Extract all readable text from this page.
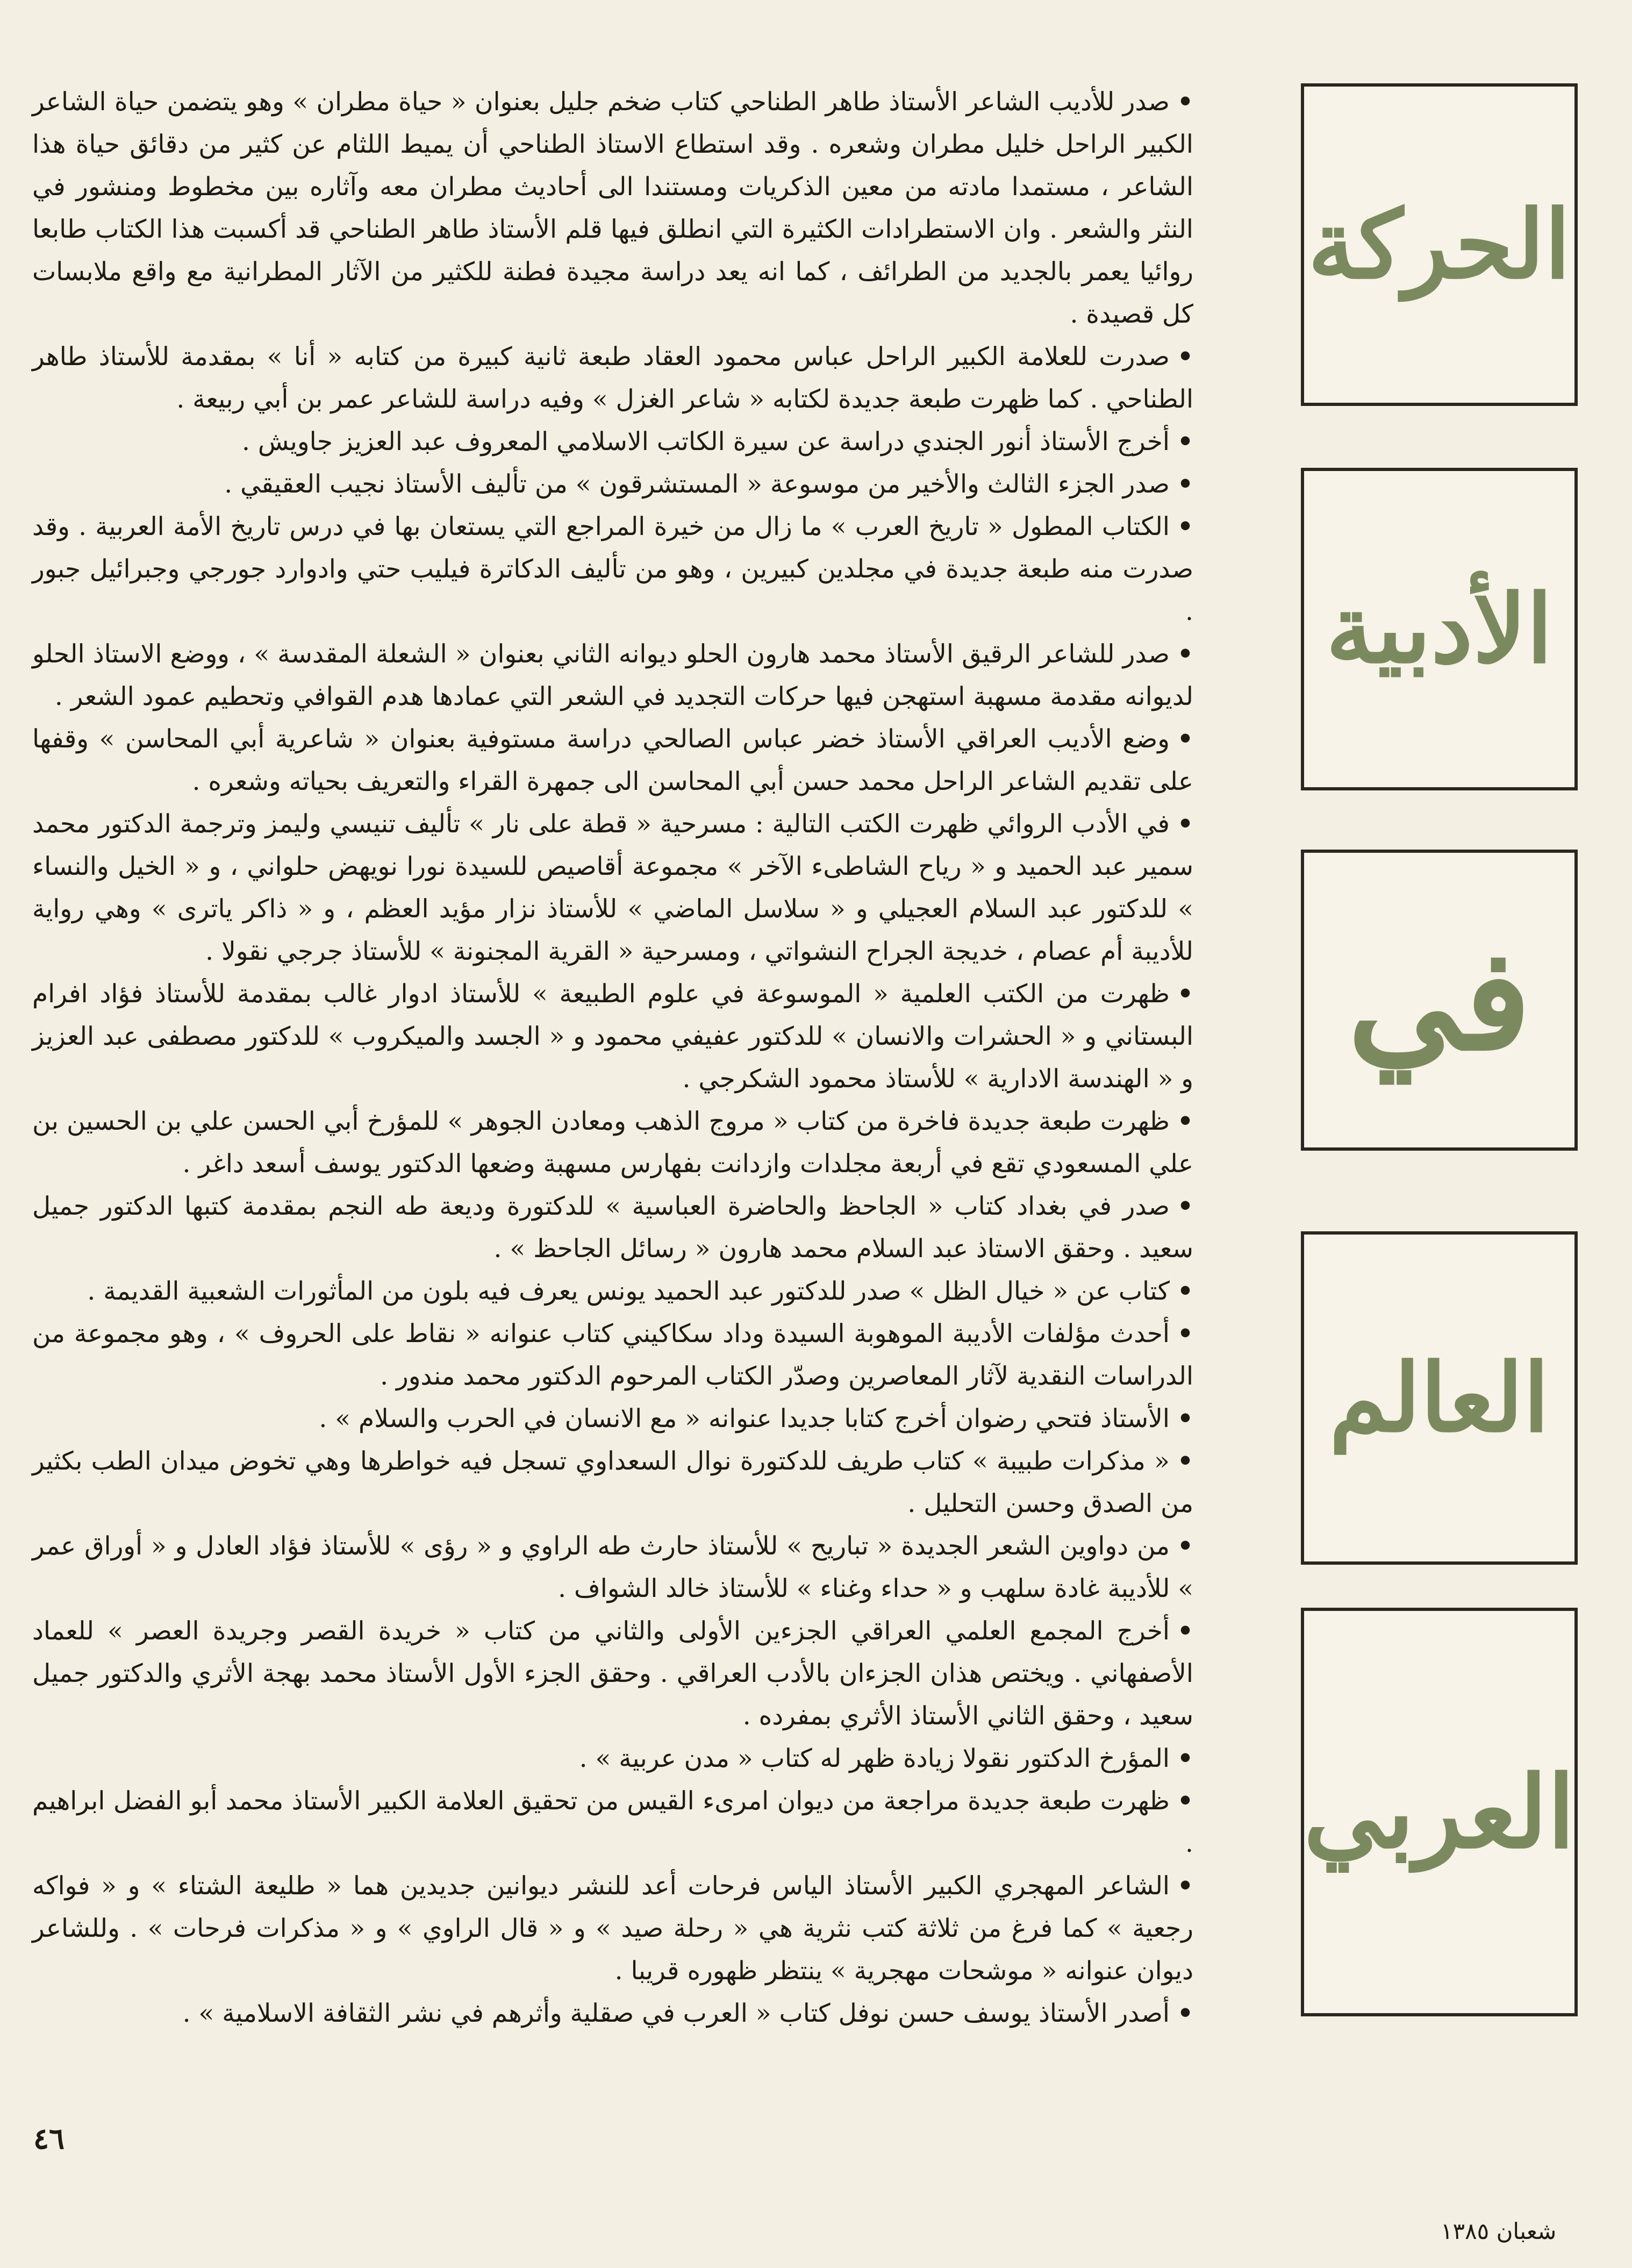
الحركة
الأدبية
في
العالم
العربي

•صدر للأديب الشاعر الأستاذ طاهر الطناحي كتاب ضخم جليل بعنوان « حياة مطران » وهو يتضمن حياة الشاعر الكبير الراحل خليل مطران وشعره . وقد استطاع الاستاذ الطناحي أن يميط اللثام عن كثير من دقائق حياة هذا الشاعر ، مستمدا مادته من معين الذكريات ومستندا الى أحاديث مطران معه وآثاره بين مخطوط ومنشور في النثر والشعر . وان الاستطرادات الكثيرة التي انطلق فيها قلم الأستاذ طاهر الطناحي قد أكسبت هذا الكتاب طابعا روائيا يعمر بالجديد من الطرائف ، كما انه يعد دراسة مجيدة فطنة للكثير من الآثار المطرانية مع واقع ملابسات كل قصيدة .

•صدرت للعلامة الكبير الراحل عباس محمود العقاد طبعة ثانية كبيرة من كتابه « أنا » بمقدمة للأستاذ طاهر الطناحي . كما ظهرت طبعة جديدة لكتابه « شاعر الغزل » وفيه دراسة للشاعر عمر بن أبي ربيعة .

•أخرج الأستاذ أنور الجندي دراسة عن سيرة الكاتب الاسلامي المعروف عبد العزيز جاويش .

•صدر الجزء الثالث والأخير من موسوعة « المستشرقون » من تأليف الأستاذ نجيب العقيقي .

•الكتاب المطول « تاريخ العرب » ما زال من خيرة المراجع التي يستعان بها في درس تاريخ الأمة العربية . وقد صدرت منه طبعة جديدة في مجلدين كبيرين ، وهو من تأليف الدكاترة فيليب حتي وادوارد جورجي وجبرائيل جبور .

•صدر للشاعر الرقيق الأستاذ محمد هارون الحلو ديوانه الثاني بعنوان « الشعلة المقدسة » ، ووضع الاستاذ الحلو لديوانه مقدمة مسهبة استهجن فيها حركات التجديد في الشعر التي عمادها هدم القوافي وتحطيم عمود الشعر .

•وضع الأديب العراقي الأستاذ خضر عباس الصالحي دراسة مستوفية بعنوان « شاعرية أبي المحاسن » وقفها على تقديم الشاعر الراحل محمد حسن أبي المحاسن الى جمهرة القراء والتعريف بحياته وشعره .

•في الأدب الروائي ظهرت الكتب التالية : مسرحية « قطة على نار » تأليف تنيسي وليمز وترجمة الدكتور محمد سمير عبد الحميد و « رياح الشاطىء الآخر » مجموعة أقاصيص للسيدة نورا نويهض حلواني ، و « الخيل والنساء » للدكتور عبد السلام العجيلي و « سلاسل الماضي » للأستاذ نزار مؤيد العظم ، و « ذاكر ياترى » وهي رواية للأديبة أم عصام ، خديجة الجراح النشواتي ، ومسرحية « القرية المجنونة » للأستاذ جرجي نقولا .

•ظهرت من الكتب العلمية « الموسوعة في علوم الطبيعة » للأستاذ ادوار غالب بمقدمة للأستاذ فؤاد افرام البستاني و « الحشرات والانسان » للدكتور عفيفي محمود و « الجسد والميكروب » للدكتور مصطفى عبد العزيز و « الهندسة الادارية » للأستاذ محمود الشكرجي .

•ظهرت طبعة جديدة فاخرة من كتاب « مروج الذهب ومعادن الجوهر » للمؤرخ أبي الحسن علي بن الحسين بن علي المسعودي تقع في أربعة مجلدات وازدانت بفهارس مسهبة وضعها الدكتور يوسف أسعد داغر .

•صدر في بغداد كتاب « الجاحظ والحاضرة العباسية » للدكتورة وديعة طه النجم بمقدمة كتبها الدكتور جميل سعيد . وحقق الاستاذ عبد السلام محمد هارون « رسائل الجاحظ » .

•كتاب عن « خيال الظل » صدر للدكتور عبد الحميد يونس يعرف فيه بلون من المأثورات الشعبية القديمة .

•أحدث مؤلفات الأديبة الموهوبة السيدة وداد سكاكيني كتاب عنوانه « نقاط على الحروف » ، وهو مجموعة من الدراسات النقدية لآثار المعاصرين وصدّر الكتاب المرحوم الدكتور محمد مندور .

•الأستاذ فتحي رضوان أخرج كتابا جديدا عنوانه « مع الانسان في الحرب والسلام » .

•« مذكرات طبيبة » كتاب طريف للدكتورة نوال السعداوي تسجل فيه خواطرها وهي تخوض ميدان الطب بكثير من الصدق وحسن التحليل .

•من دواوين الشعر الجديدة « تباريح » للأستاذ حارث طه الراوي و « رؤى » للأستاذ فؤاد العادل و « أوراق عمر » للأديبة غادة سلهب و « حداء وغناء » للأستاذ خالد الشواف .

•أخرج المجمع العلمي العراقي الجزءين الأولى والثاني من كتاب « خريدة القصر وجريدة العصر » للعماد الأصفهاني . ويختص هذان الجزءان بالأدب العراقي . وحقق الجزء الأول الأستاذ محمد بهجة الأثري والدكتور جميل سعيد ، وحقق الثاني الأستاذ الأثري بمفرده .

•المؤرخ الدكتور نقولا زيادة ظهر له كتاب « مدن عربية » .

•ظهرت طبعة جديدة مراجعة من ديوان امرىء القيس من تحقيق العلامة الكبير الأستاذ محمد أبو الفضل ابراهيم .

•الشاعر المهجري الكبير الأستاذ الياس فرحات أعد للنشر ديوانين جديدين هما « طليعة الشتاء » و « فواكه رجعية » كما فرغ من ثلاثة كتب نثرية هي « رحلة صيد » و « قال الراوي » و « مذكرات فرحات » . وللشاعر ديوان عنوانه « موشحات مهجرية » ينتظر ظهوره قريبا .

•أصدر الأستاذ يوسف حسن نوفل كتاب « العرب في صقلية وأثرهم في نشر الثقافة الاسلامية » .

٤٦
شعبان ١٣٨٥
